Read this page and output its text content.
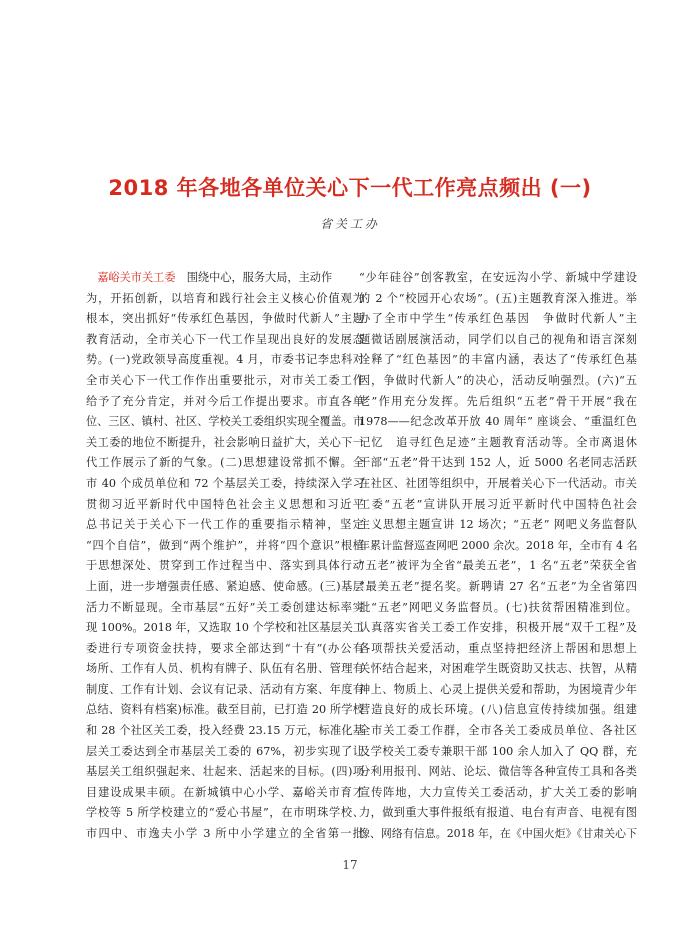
2018 年各地各单位关心下一代工作亮点频出 (一)
省关工办
　嘉峪关市关工委　 围绕中心，服务大局，主动作
为，开拓创新，以培育和践行社会主义核心价值观为
根本，突出抓好“传承红色基因，争做时代新人”主题
教育活动，全市关心下一代工作呈现出良好的发展态
势。(一)党政领导高度重视。4 月，市委书记李忠科对
全市关心下一代工作作出重要批示，对市关工委工作
给予了充分肯定，并对今后工作提出要求。市直各单
位、三区、镇村、社区、学校关工委组织实现全覆盖。市
关工委的地位不断提升，社会影响日益扩大，关心下一
代工作展示了新的气象。(二)思想建设常抓不懈。全
市 40 个成员单位和 72 个基层关工委，持续深入学习
贯彻习近平新时代中国特色社会主义思想和习近平
总书记关于关心下一代工作的重要指示精神，坚定
“四个自信”，做到“两个维护”，并将“四个意识”根植
于思想深处、贯穿到工作过程当中、落实到具体行动
上面，进一步增强责任感、紧迫感、使命感。(三)基层
活力不断显现。全市基层“五好”关工委创建达标率实
现 100%。2018 年，又选取 10 个学校和社区基层关工
委进行专项资金扶持，要求全部达到“十有”(办公有
场所、工作有人员、机构有牌子、队伍有名册、管理有
制度、工作有计划、会议有记录、活动有方案、年度有
总结、资料有档案)标准。截至目前，已打造 20 所学校
和 28 个社区关工委，投入经费 23.15 万元，标准化基
层关工委达到全市基层关工委的 67%，初步实现了让
基层关工组织强起来、壮起来、活起来的目标。(四)项
目建设成果丰硕。在新城镇中心小学、嘉峪关市育才
学校等 5 所学校建立的“爱心书屋”，在市明珠学校、
市四中、市逸夫小学 3 所中小学建立的全省第一批
“少年硅谷”创客教室，在安远沟小学、新城中学建设
的 2 个“校园开心农场”。(五)主题教育深入推进。举
办了全市中学生“传承红色基因　争做时代新人”主
题微话剧展演活动，同学们以自己的视角和语言深刻
诠释了“红色基因”的丰富内涵，表达了“传承红色基
因，争做时代新人”的决心，活动反响强烈。(六)“五
老”作用充分发挥。先后组织“五老”骨干开展“我在
1978——纪念改革开放 40 周年” 座谈会、“重温红色
记忆　追寻红色足迹”主题教育活动等。全市离退休
干部“五老”骨干达到 152 人，近 5000 名老同志活跃
在社区、社团等组织中，开展着关心下一代活动。市关
工委“五老”宣讲队开展习近平新时代中国特色社会
主义思想主题宣讲 12 场次；“五老” 网吧义务监督队
年累计监督巡查网吧 2000 余次。2018 年，全市有 4 名
“五老”被评为全省“最美五老”，1 名“五老”荣获全省
“最美五老”提名奖。新聘请 27 名“五老”为全省第四
批“五老”网吧义务监督员。(七)扶贫帮困精准到位。
认真落实省关工委工作安排，积极开展“双千工程”及
各项帮扶关爱活动，重点坚持把经济上帮困和思想上
关怀结合起来，对困难学生既资助又扶志、扶智，从精
神上、物质上、心灵上提供关爱和帮助，为困境青少年
营造良好的成长环境。(八)信息宣传持续加强。组建
全市关工委工作群，全市各关工委成员单位、各社区
及学校关工委专兼职干部 100 余人加入了 QQ 群，充
分利用报刊、网站、论坛、微信等各种宣传工具和各类
宣传阵地，大力宣传关工委活动，扩大关工委的影响
力，做到重大事件报纸有报道、电台有声音、电视有图
像、网络有信息。2018 年，在《中国火炬》《甘肃关心下
17
